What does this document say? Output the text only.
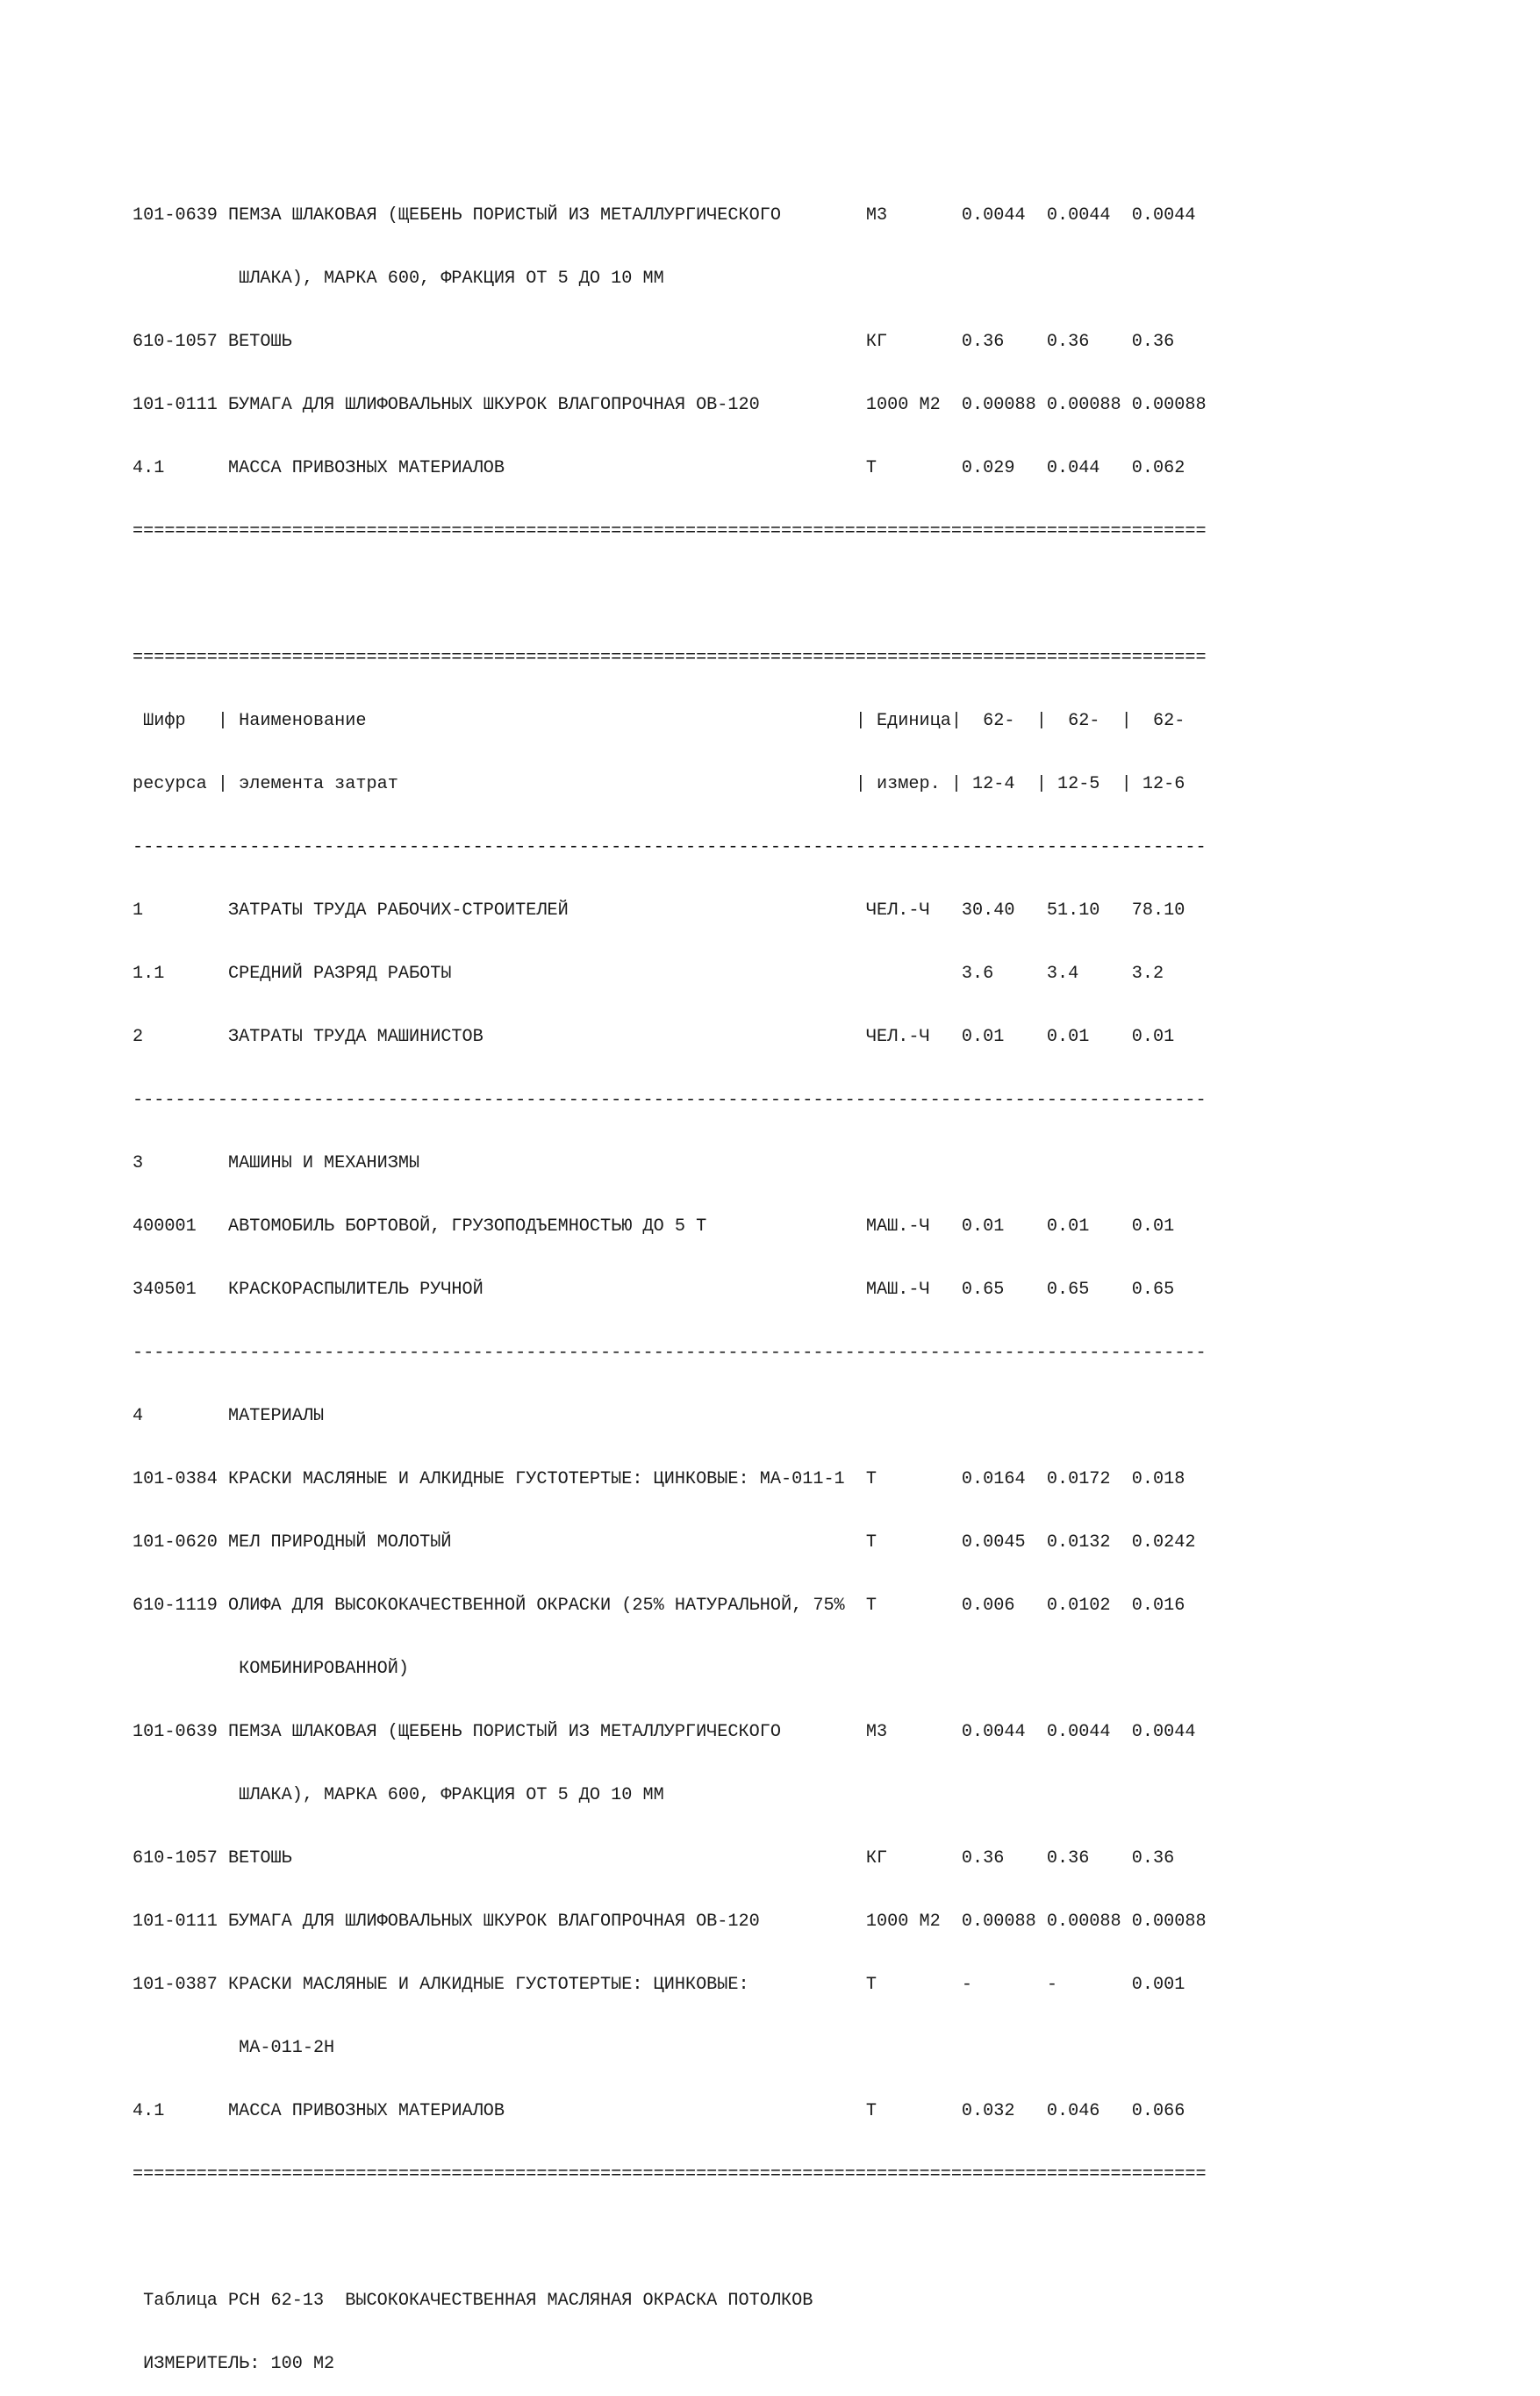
101-0639 ПЕМЗА ШЛАКОВАЯ (ЩЕБЕНЬ ПОРИСТЫЙ ИЗ МЕТАЛЛУРГИЧЕСКОГО        М3       0.0044  0.0044  0.0044

ШЛАКА), МАРКА 600, ФРАКЦИЯ ОТ 5 ДО 10 ММ

610-1057 ВЕТОШЬ                                                      КГ       0.36    0.36    0.36

101-0111 БУМАГА ДЛЯ ШЛИФОВАЛЬНЫХ ШКУРОК ВЛАГОПРОЧНАЯ ОВ-120          1000 М2  0.00088 0.00088 0.00088

4.1      МАССА ПРИВОЗНЫХ МАТЕРИАЛОВ                                  Т        0.029   0.044   0.062

=====================================================================================================

=====================================================================================================

Шифр   | Наименование                                              | Единица|  62-  |  62-  |  62-

ресурса | элемента затрат                                           | измер. | 12-4  | 12-5  | 12-6

-----------------------------------------------------------------------------------------------------

1        ЗАТРАТЫ ТРУДА РАБОЧИХ-СТРОИТЕЛЕЙ                            ЧЕЛ.-Ч   30.40   51.10   78.10

1.1      СРЕДНИЙ РАЗРЯД РАБОТЫ                                                3.6     3.4     3.2

2        ЗАТРАТЫ ТРУДА МАШИНИСТОВ                                    ЧЕЛ.-Ч   0.01    0.01    0.01

-----------------------------------------------------------------------------------------------------

3        МАШИНЫ И МЕХАНИЗМЫ

400001   АВТОМОБИЛЬ БОРТОВОЙ, ГРУЗОПОДЪЕМНОСТЬЮ ДО 5 Т               МАШ.-Ч   0.01    0.01    0.01

340501   КРАСКОРАСПЫЛИТЕЛЬ РУЧНОЙ                                    МАШ.-Ч   0.65    0.65    0.65

-----------------------------------------------------------------------------------------------------

4        МАТЕРИАЛЫ

101-0384 КРАСКИ МАСЛЯНЫЕ И АЛКИДНЫЕ ГУСТОТЕРТЫЕ: ЦИНКОВЫЕ: МА-011-1  Т        0.0164  0.0172  0.018

101-0620 МЕЛ ПРИРОДНЫЙ МОЛОТЫЙ                                       Т        0.0045  0.0132  0.0242

610-1119 ОЛИФА ДЛЯ ВЫСОКОКАЧЕСТВЕННОЙ ОКРАСКИ (25% НАТУРАЛЬНОЙ, 75%  Т        0.006   0.0102  0.016

КОМБИНИРОВАННОЙ)

101-0639 ПЕМЗА ШЛАКОВАЯ (ЩЕБЕНЬ ПОРИСТЫЙ ИЗ МЕТАЛЛУРГИЧЕСКОГО        М3       0.0044  0.0044  0.0044

ШЛАКА), МАРКА 600, ФРАКЦИЯ ОТ 5 ДО 10 ММ

610-1057 ВЕТОШЬ                                                      КГ       0.36    0.36    0.36

101-0111 БУМАГА ДЛЯ ШЛИФОВАЛЬНЫХ ШКУРОК ВЛАГОПРОЧНАЯ ОВ-120          1000 М2  0.00088 0.00088 0.00088

101-0387 КРАСКИ МАСЛЯНЫЕ И АЛКИДНЫЕ ГУСТОТЕРТЫЕ: ЦИНКОВЫЕ:           Т        -       -       0.001

МА-011-2Н

4.1      МАССА ПРИВОЗНЫХ МАТЕРИАЛОВ                                  Т        0.032   0.046   0.066

=====================================================================================================

Таблица РСН 62-13  ВЫСОКОКАЧЕСТВЕННАЯ МАСЛЯНАЯ ОКРАСКА ПОТОЛКОВ

ИЗМЕРИТЕЛЬ: 100 М2
